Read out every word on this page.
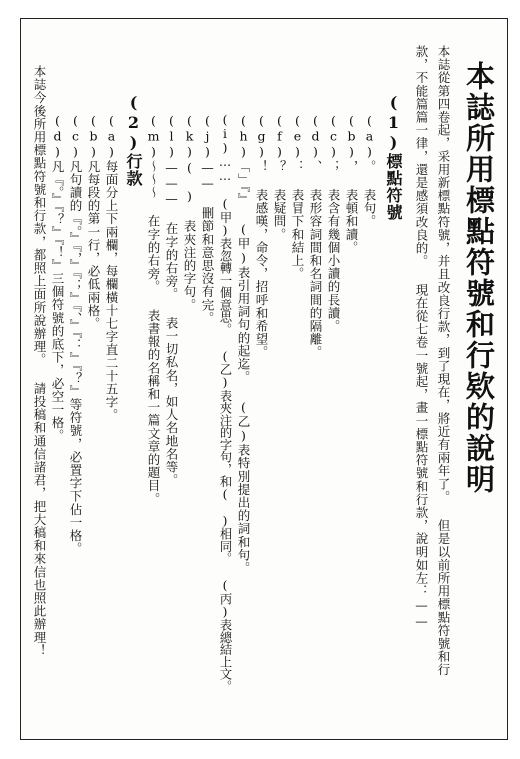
本誌所用標點符號和行欵的說明
本誌從第四卷起，采用新標點符號，并且改良行款，到了現在，將近有兩年了。 但是以前所用標點符號和行
款，不能篇篇一律，還是感須改良的。 現在從七卷一號起，畫一標點符號和行款，說明如左：——
(1)標點符號
(a)。 表句。
(b)， 表頓和讀。
(c)； 表含有幾個小讀的長讀。
(d)、 表形容詞間和名詞間的隔離。
(e)： 表冒下和結上。
(f)？ 表疑問。
(g)！ 表感嘆，命令，招呼和希望。
(h)「」『』 (甲)表引用詞句的起迄。 (乙)表特別提出的詞和句。
(i)…… (甲)表忽轉一個意思。 (乙)表夾注的字句，和(　)相同。 (丙)表總結上文。
(j)—— 刪節和意思沒有完。
(k)(　) 表夾注的字句。
(l)——— 在字的右旁。 表一切私名，如人名地名等。
(m)～～～ 在字的右旁。 表書報的名稱和一篇文章的題目。
(2)行款
(a)每面分上下兩欄，每欄橫十七字直二十五字。
(b)凡每段的第一行，必低兩格。
(c)凡句讀的『。』『，』『；』『、』『：』『？』等符號，必置字下佔一格。
(d)凡『。』『？』『！』三個符號的底下，必空一格。
本誌今後所用標點符號和行款，都照上面所說辦理。 請投稿和通信諸君，把大稿和來信也照此辦理！
